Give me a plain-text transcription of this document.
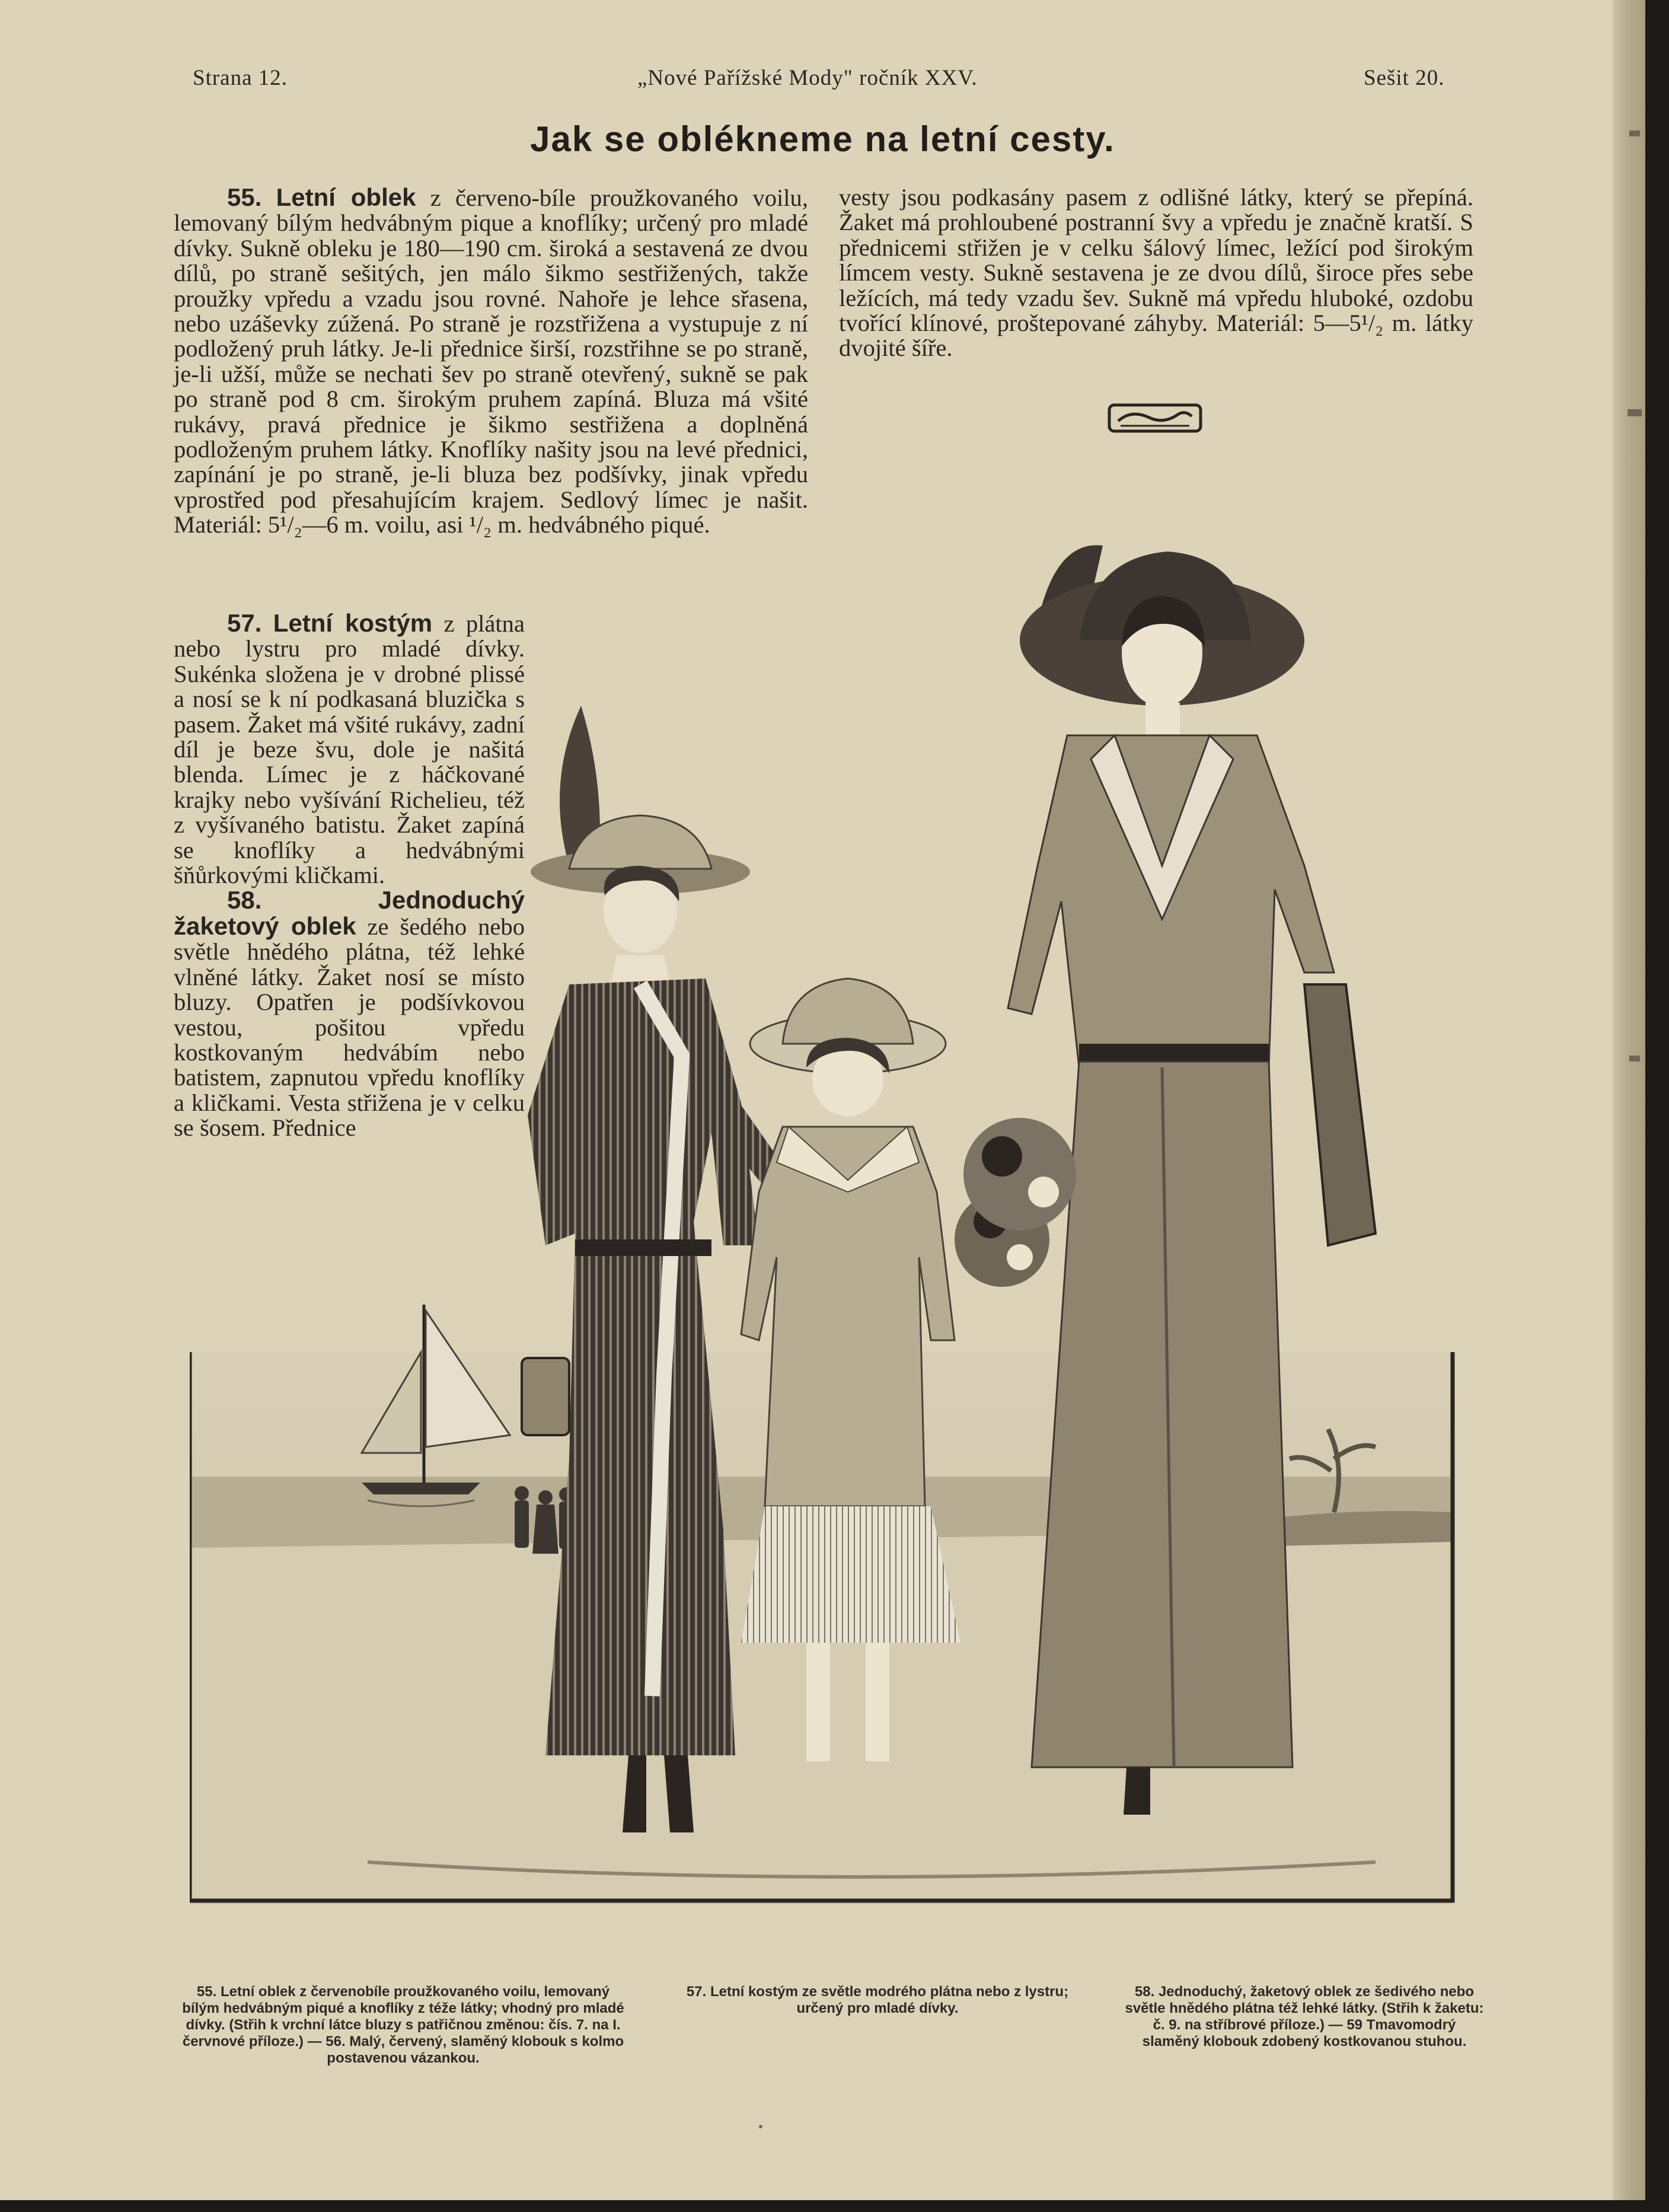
Strana 12.	„Nové Pařížské Mody" ročník XXV.	Sešit 20.
Jak se oblékneme na letní cesty.

55. Letní oblek z červeno-bíle proužkovaného voilu, lemovaný bílým hedvábným pique a knoflíky; určený pro mladé dívky. Sukně obleku je 180—190 cm. široká a sestavená ze dvou dílů, po straně sešitých, jen málo šikmo sestřižených, takže proužky vpředu a vzadu jsou rovné. Nahoře je lehce sřasena, nebo uzáševky zúžená. Po straně je rozstřižena a vystupuje z ní podložený pruh látky. Je-li přednice širší, rozstřihne se po straně, je-li užší, může se nechati šev po straně otevřený, sukně se pak po straně pod 8 cm. širokým pruhem zapíná. Bluza má všité rukávy, pravá přednice je šikmo sestřižena a doplněná podloženým pruhem látky. Knoflíky našity jsou na levé přednici, zapínání je po straně, je-li bluza bez podšívky, jinak vpředu vprostřed pod přesahujícím krajem. Sedlový límec je našit. Materiál: 5¹/₂—6 m. voilu, asi ¹/₂ m. hedvábného piqué.

57. Letní kostým z plátna nebo lystru pro mladé dívky. Sukénka složena je v drobné plissé a nosí se k ní podkasaná bluzička s pasem. Žaket má všité rukávy, zadní díl je beze švu, dole je našitá blenda. Límec je z háčkované krajky nebo vyšívání Richelieu, též z vyšívaného batistu. Žaket zapíná se knoflíky a hedvábnými šňůrkovými kličkami.

58.	Jednoduchý žaketový oblek ze šedého nebo světle hnědého plátna, též lehké vlněné látky. Žaket nosí se místo bluzy. Opatřen je podšívkovou vestou, pošitou vpředu kostkovaným hedvábím nebo batistem, zapnutou vpředu knoflíky a kličkami. Vesta střižena je v celku se šosem. Přednice

vesty jsou podkasány pasem z odlišné látky, který se přepíná. Žaket má prohloubené postranní švy a vpředu je značně kratší. S přednicemi střižen je v celku šálový límec, ležící pod širokým límcem vesty. Sukně sestavena je ze dvou dílů, široce přes sebe ležících, má tedy vzadu šev. Sukně má vpředu hluboké, ozdobu tvořící klínové, proštepované záhyby. Materiál: 5—5¹/₂ m. látky dvojité šíře.

55. Letní oblek z červenobíle proužkovaného voilu, lemovaný bílým hedvábným piqué a knoflíky z téže látky; vhodný pro mladé dívky. (Střih k vrchní látce bluzy s patřičnou změnou: čís. 7. na I. červnové příloze.) — 56. Malý, červený, slaměný klobouk s kolmo postavenou vázankou.
57. Letní kostým ze světle modrého plátna nebo z lystru; určený pro mladé dívky.
58. Jednoduchý, žaketový oblek ze šedivého nebo světle hnědého plátna též lehké látky. (Střih k žaketu: č. 9. na stříbrové příloze.) — 59 Tmavomodrý slaměný klobouk zdobený kostkovanou stuhou.
